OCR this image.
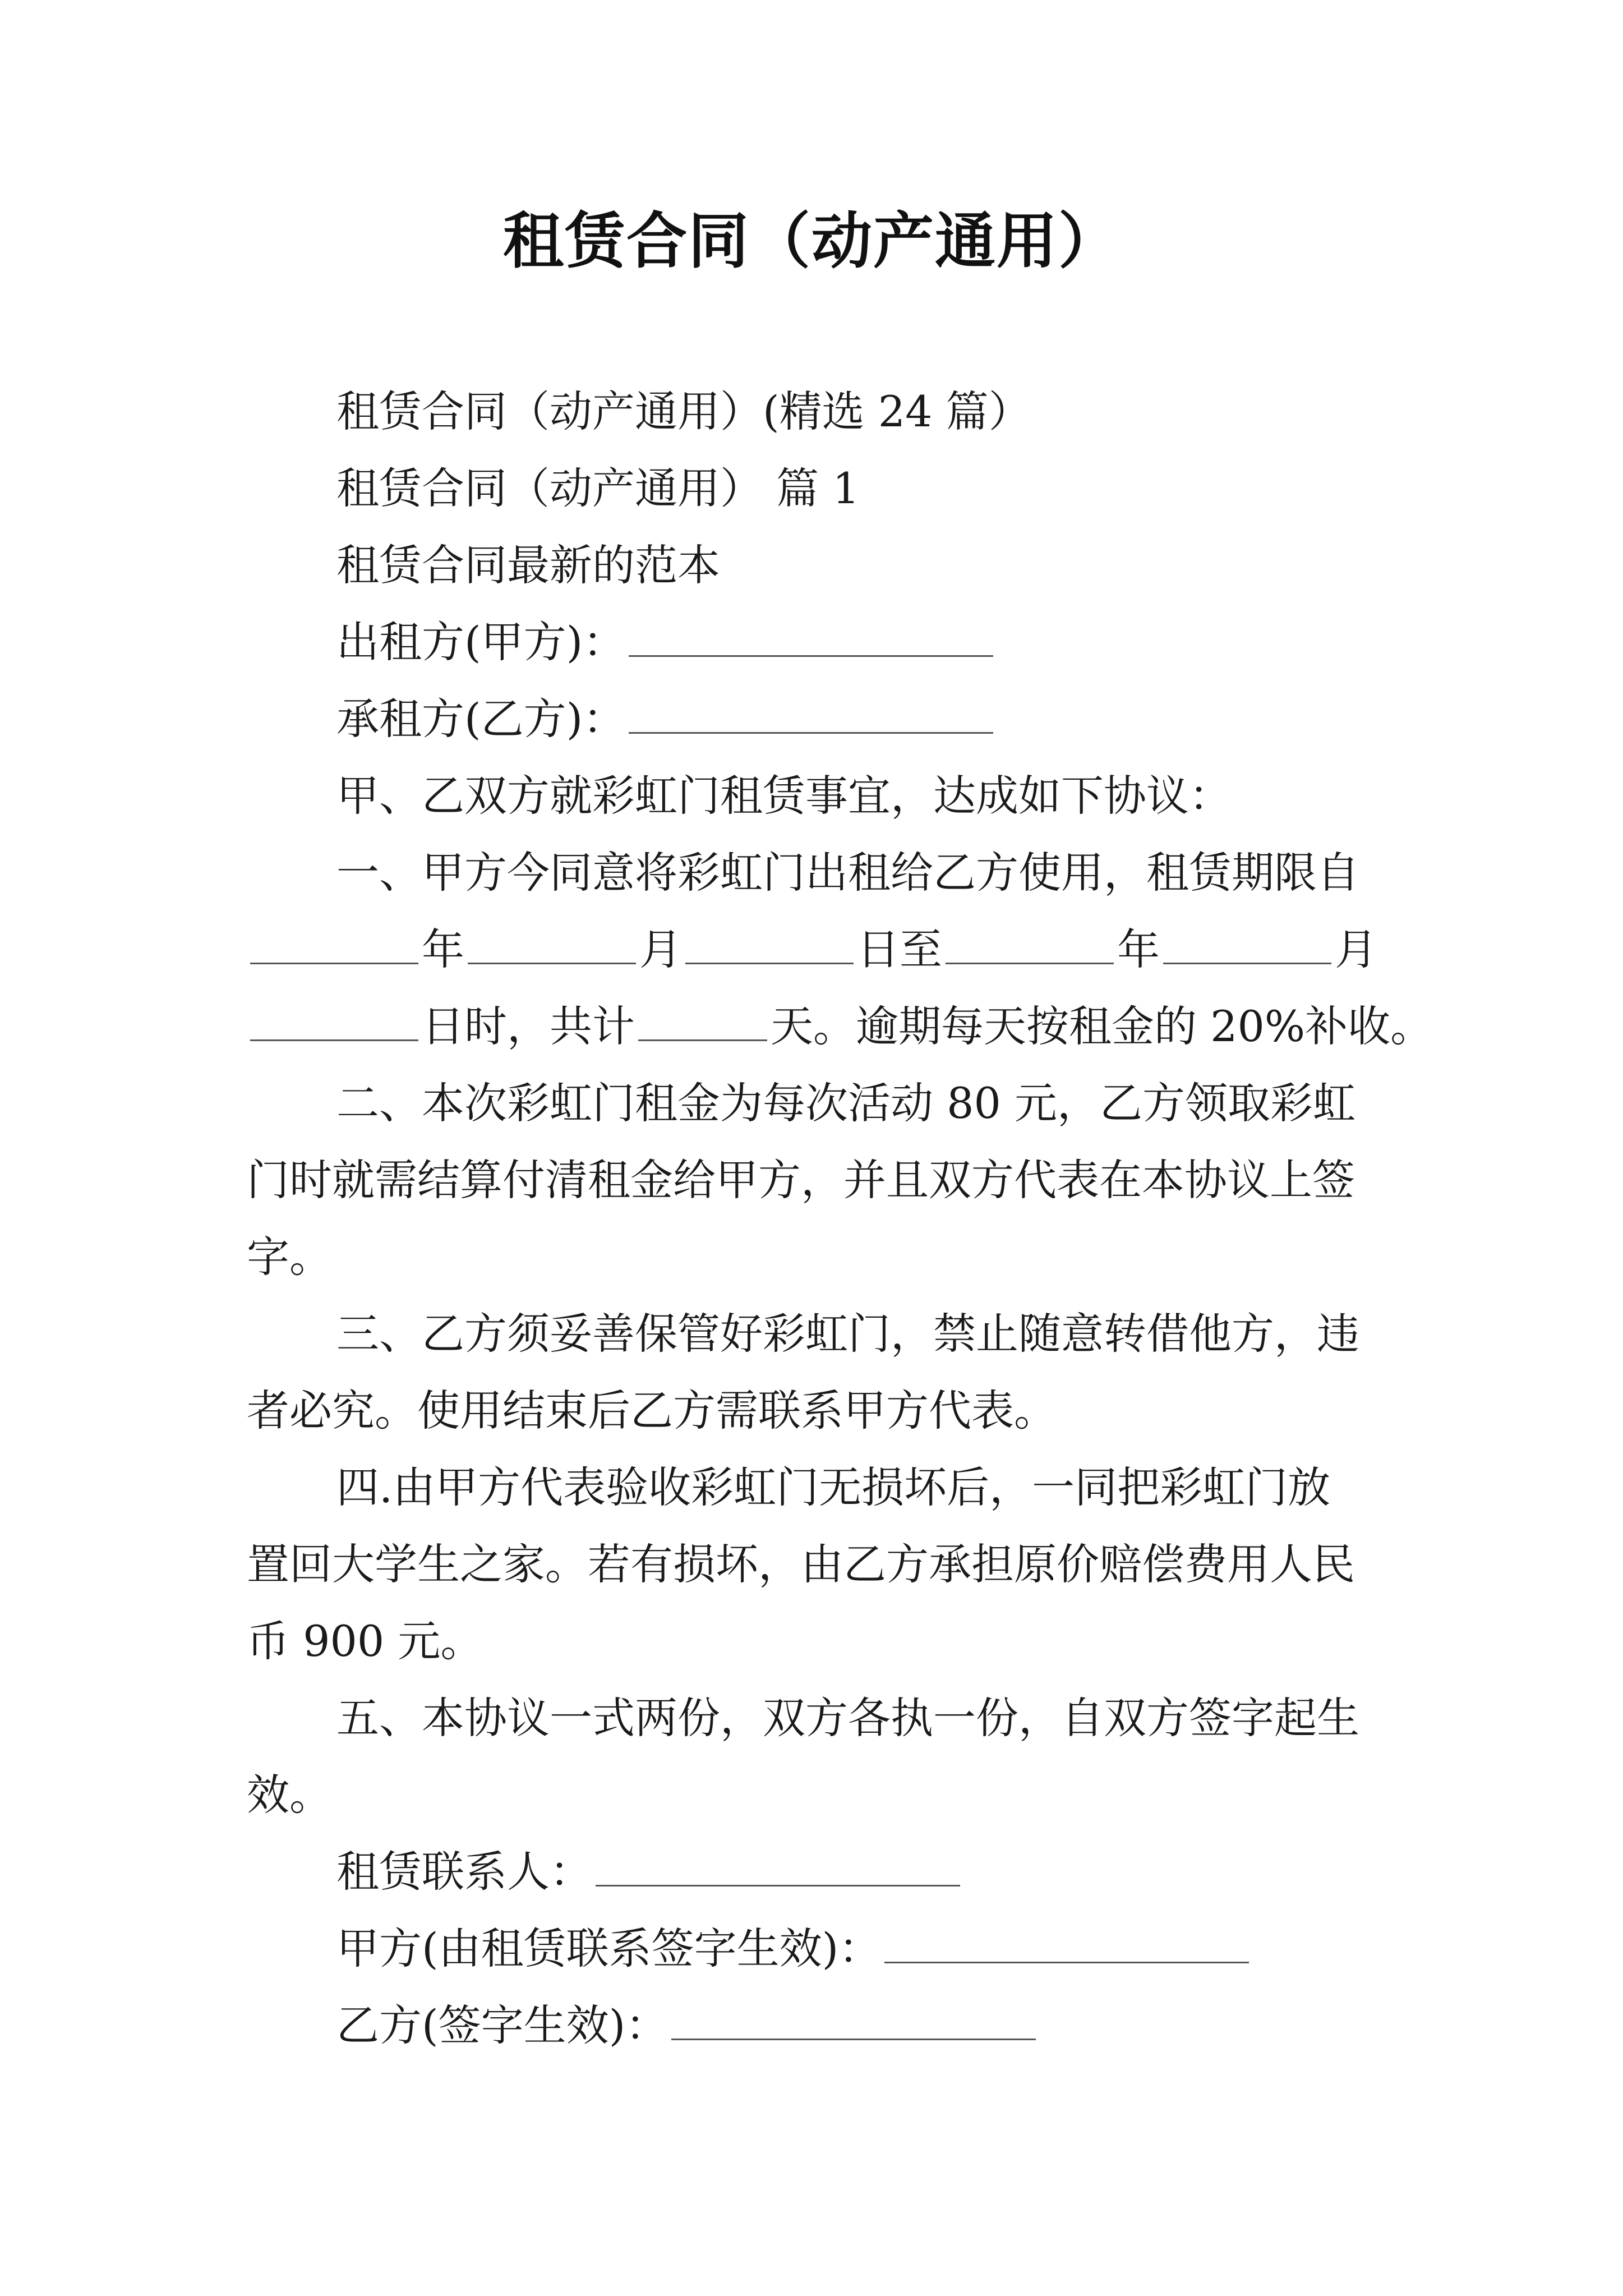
租赁合同（动产通用）
租赁合同（动产通用）(精选 24 篇）
租赁合同（动产通用） 篇 1
租赁合同最新的范本
出租方(甲方)：
承租方(乙方)：
甲、乙双方就彩虹门租赁事宜，达成如下协议：
一、甲方今同意将彩虹门出租给乙方使用，租赁期限自
年	月	日至	年	月
日时，共计	天。逾期每天按租金的 20%补收。
二、本次彩虹门租金为每次活动 80 元，乙方领取彩虹
门时就需结算付清租金给甲方，并且双方代表在本协议上签
字。
三、乙方须妥善保管好彩虹门，禁止随意转借他方，违
者必究。使用结束后乙方需联系甲方代表。
四.由甲方代表验收彩虹门无损坏后，一同把彩虹门放
置回大学生之家。若有损坏，由乙方承担原价赔偿费用人民
币 900 元。
五、本协议一式两份，双方各执一份，自双方签字起生
效。
租赁联系人：
甲方(由租赁联系签字生效)：
乙方(签字生效)：
